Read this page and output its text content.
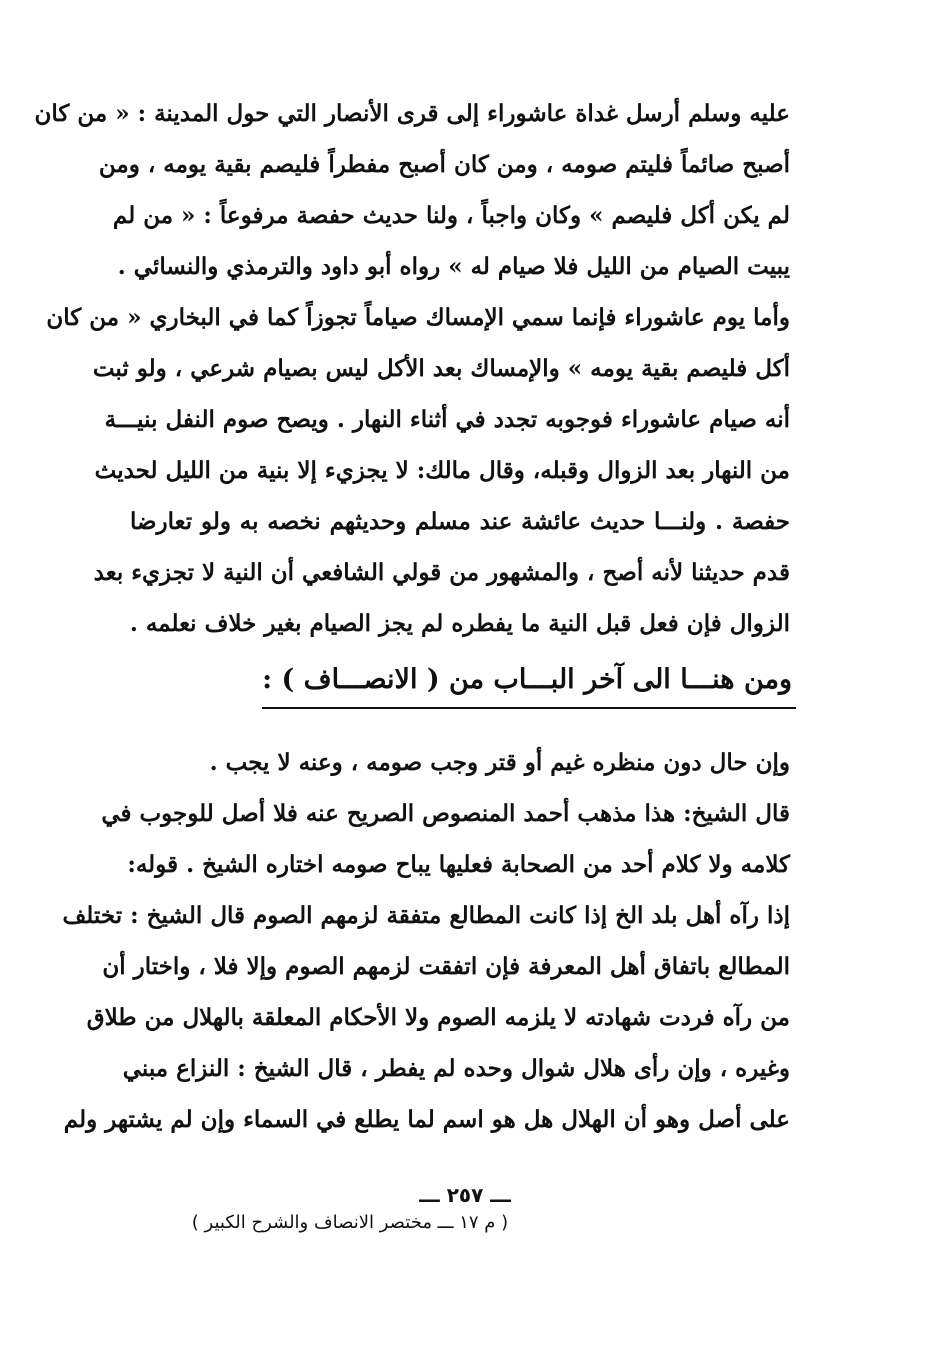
عليه وسلم أرسل غداة عاشوراء إلى قرى الأنصار التي حول المدينة : « من كان
أصبح صائماً فليتم صومه ، ومن كان أصبح مفطراً فليصم بقية يومه ، ومن
لم يكن أكل فليصم » وكان واجباً ، ولنا حديث حفصة مرفوعاً : « من لم
يبيت الصيام من الليل فلا صيام له » رواه أبو داود والترمذي والنسائي .
وأما يوم عاشوراء فإنما سمي الإمساك صياماً تجوزاً كما في البخاري « من كان
أكل فليصم بقية يومه » والإمساك بعد الأكل ليس بصيام شرعي ، ولو ثبت
أنه صيام عاشوراء فوجوبه تجدد في أثناء النهار . ويصح صوم النفل بنيـــة
من النهار بعد الزوال وقبله، وقال مالك: لا يجزيء إلا بنية من الليل لحديث
حفصة . ولنـــا حديث عائشة عند مسلم وحديثهم نخصه به ولو تعارضا
قدم حديثنا لأنه أصح ، والمشهور من قولي الشافعي أن النية لا تجزيء بعد
الزوال فإن فعل قبل النية ما يفطره لم يجز الصيام بغير خلاف نعلمه .
ومن هنـــا الى آخر البـــاب من ( الانصـــاف ) :
وإن حال دون منظره غيم أو قتر وجب صومه ، وعنه لا يجب .
قال الشيخ: هذا مذهب أحمد المنصوص الصريح عنه فلا أصل للوجوب في
كلامه ولا كلام أحد من الصحابة فعليها يباح صومه اختاره الشيخ . قوله:
إذا رآه أهل بلد الخ إذا كانت المطالع متفقة لزمهم الصوم قال الشيخ : تختلف
المطالع باتفاق أهل المعرفة فإن اتفقت لزمهم الصوم وإلا فلا ، واختار أن
من رآه فردت شهادته لا يلزمه الصوم ولا الأحكام المعلقة بالهلال من طلاق
وغيره ، وإن رأى هلال شوال وحده لم يفطر ، قال الشيخ : النزاع مبني
على أصل وهو أن الهلال هل هو اسم لما يطلع في السماء وإن لم يشتهر ولم
ـــ ٢٥٧ ـــ
( م ١٧ ـــ مختصر الانصاف والشرح الكبير )
